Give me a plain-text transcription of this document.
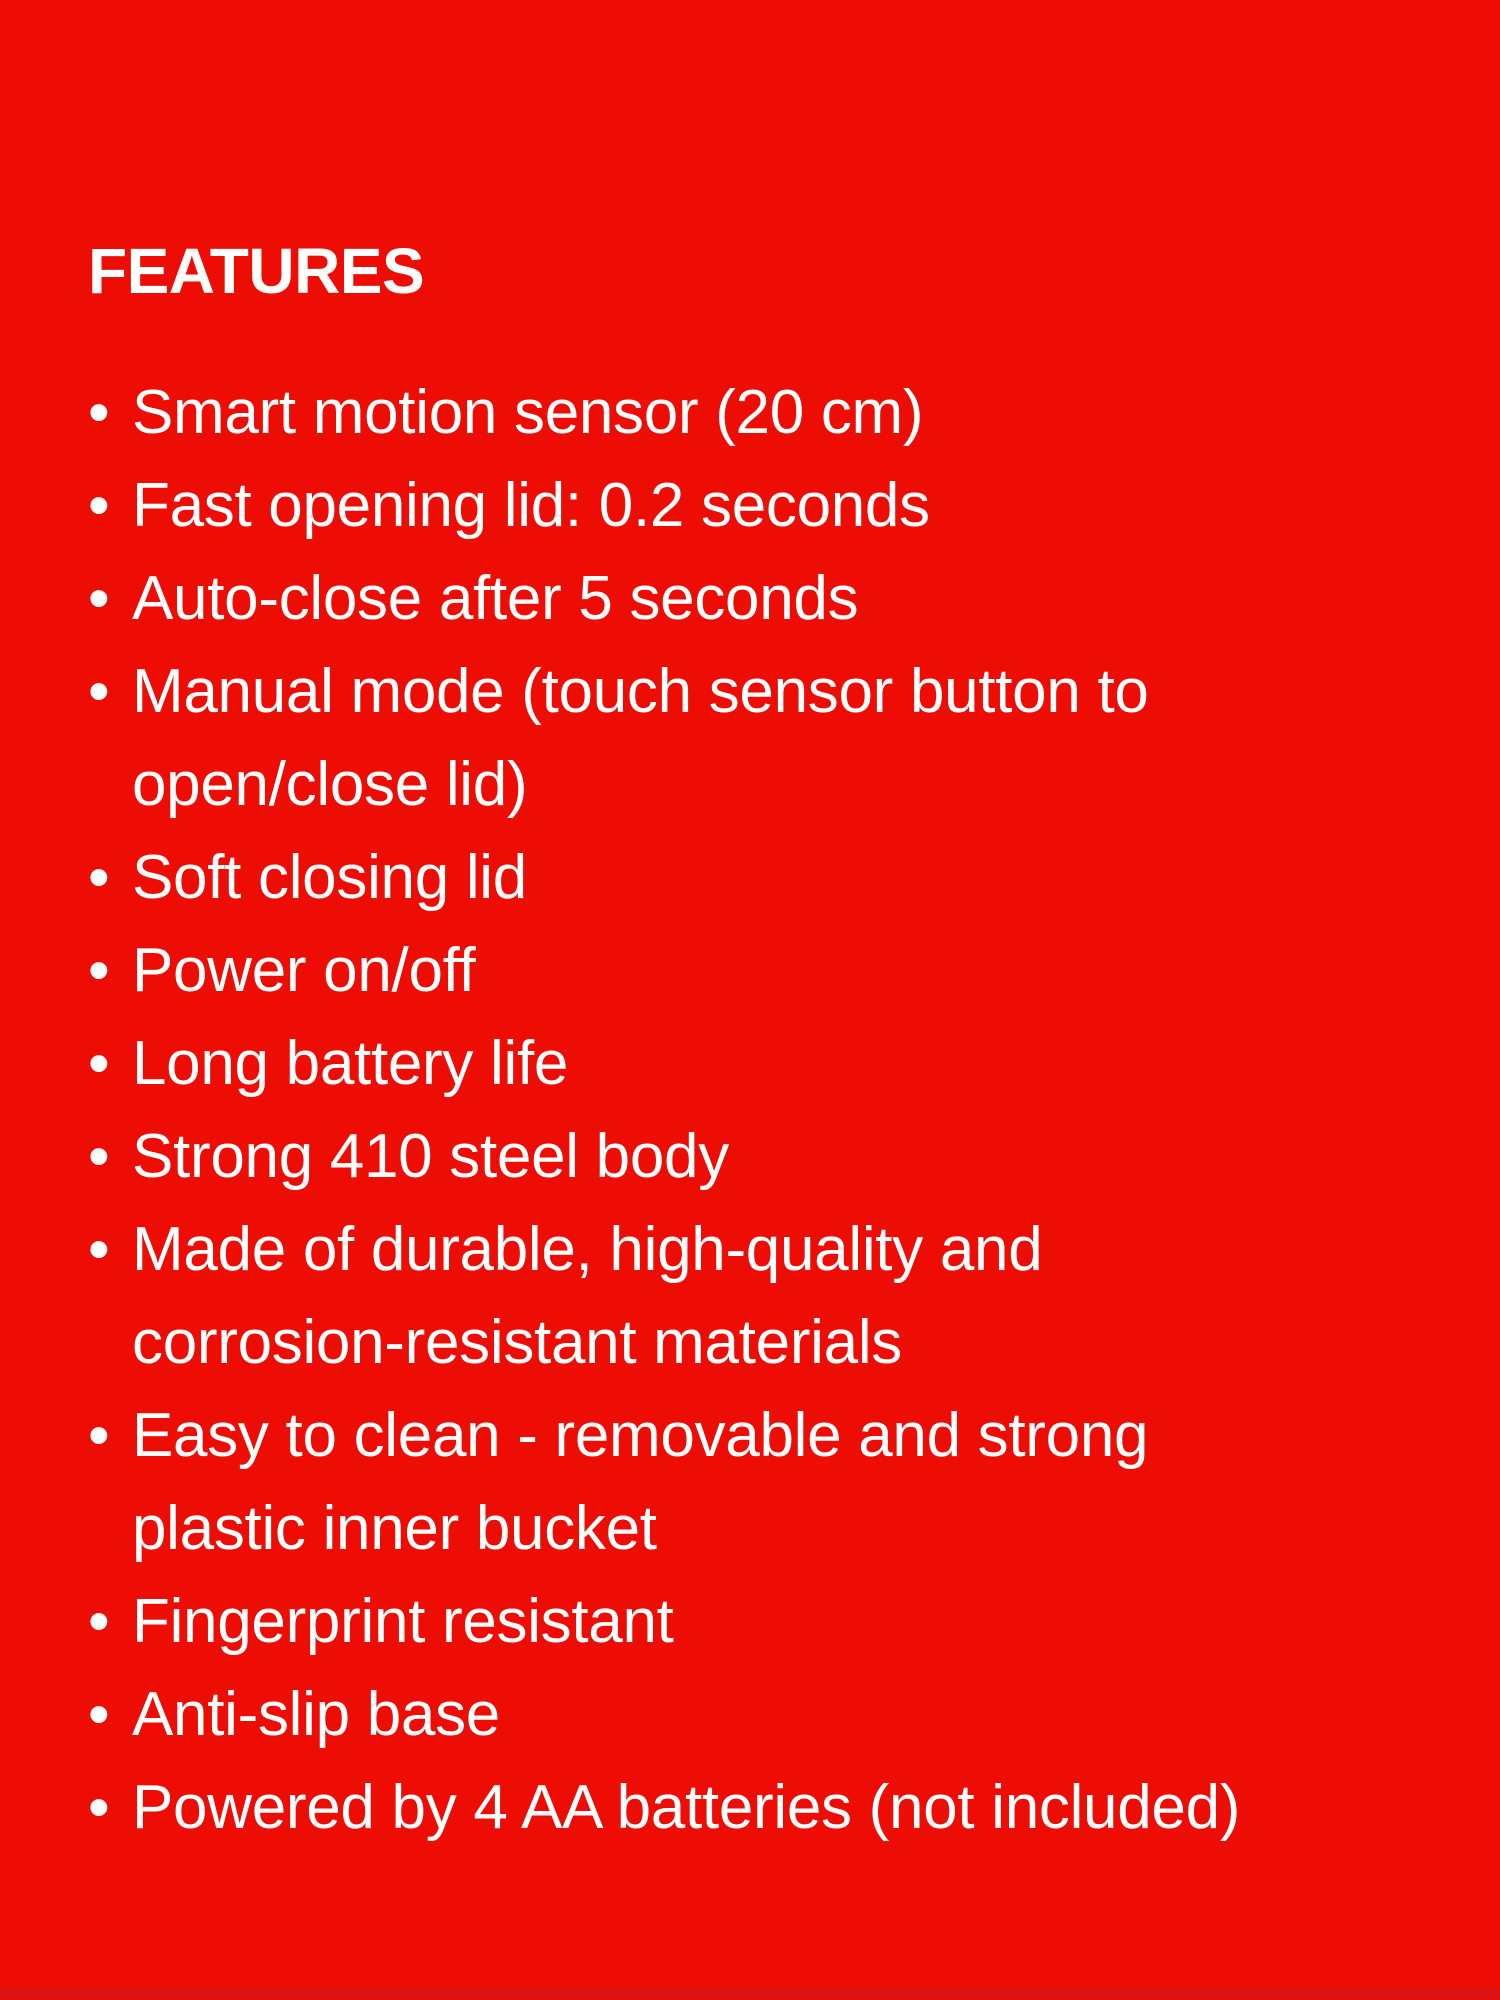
FEATURES
• Smart motion sensor (20 cm)
• Fast opening lid: 0.2 seconds
• Auto-close after 5 seconds
• Manual mode (touch sensor button to
open/close lid)
• Soft closing lid
• Power on/off
• Long battery life
• Strong 410 steel body
• Made of durable, high-quality and
corrosion-resistant materials
• Easy to clean - removable and strong
plastic inner bucket
• Fingerprint resistant
• Anti-slip base
• Powered by 4 AA batteries (not included)
